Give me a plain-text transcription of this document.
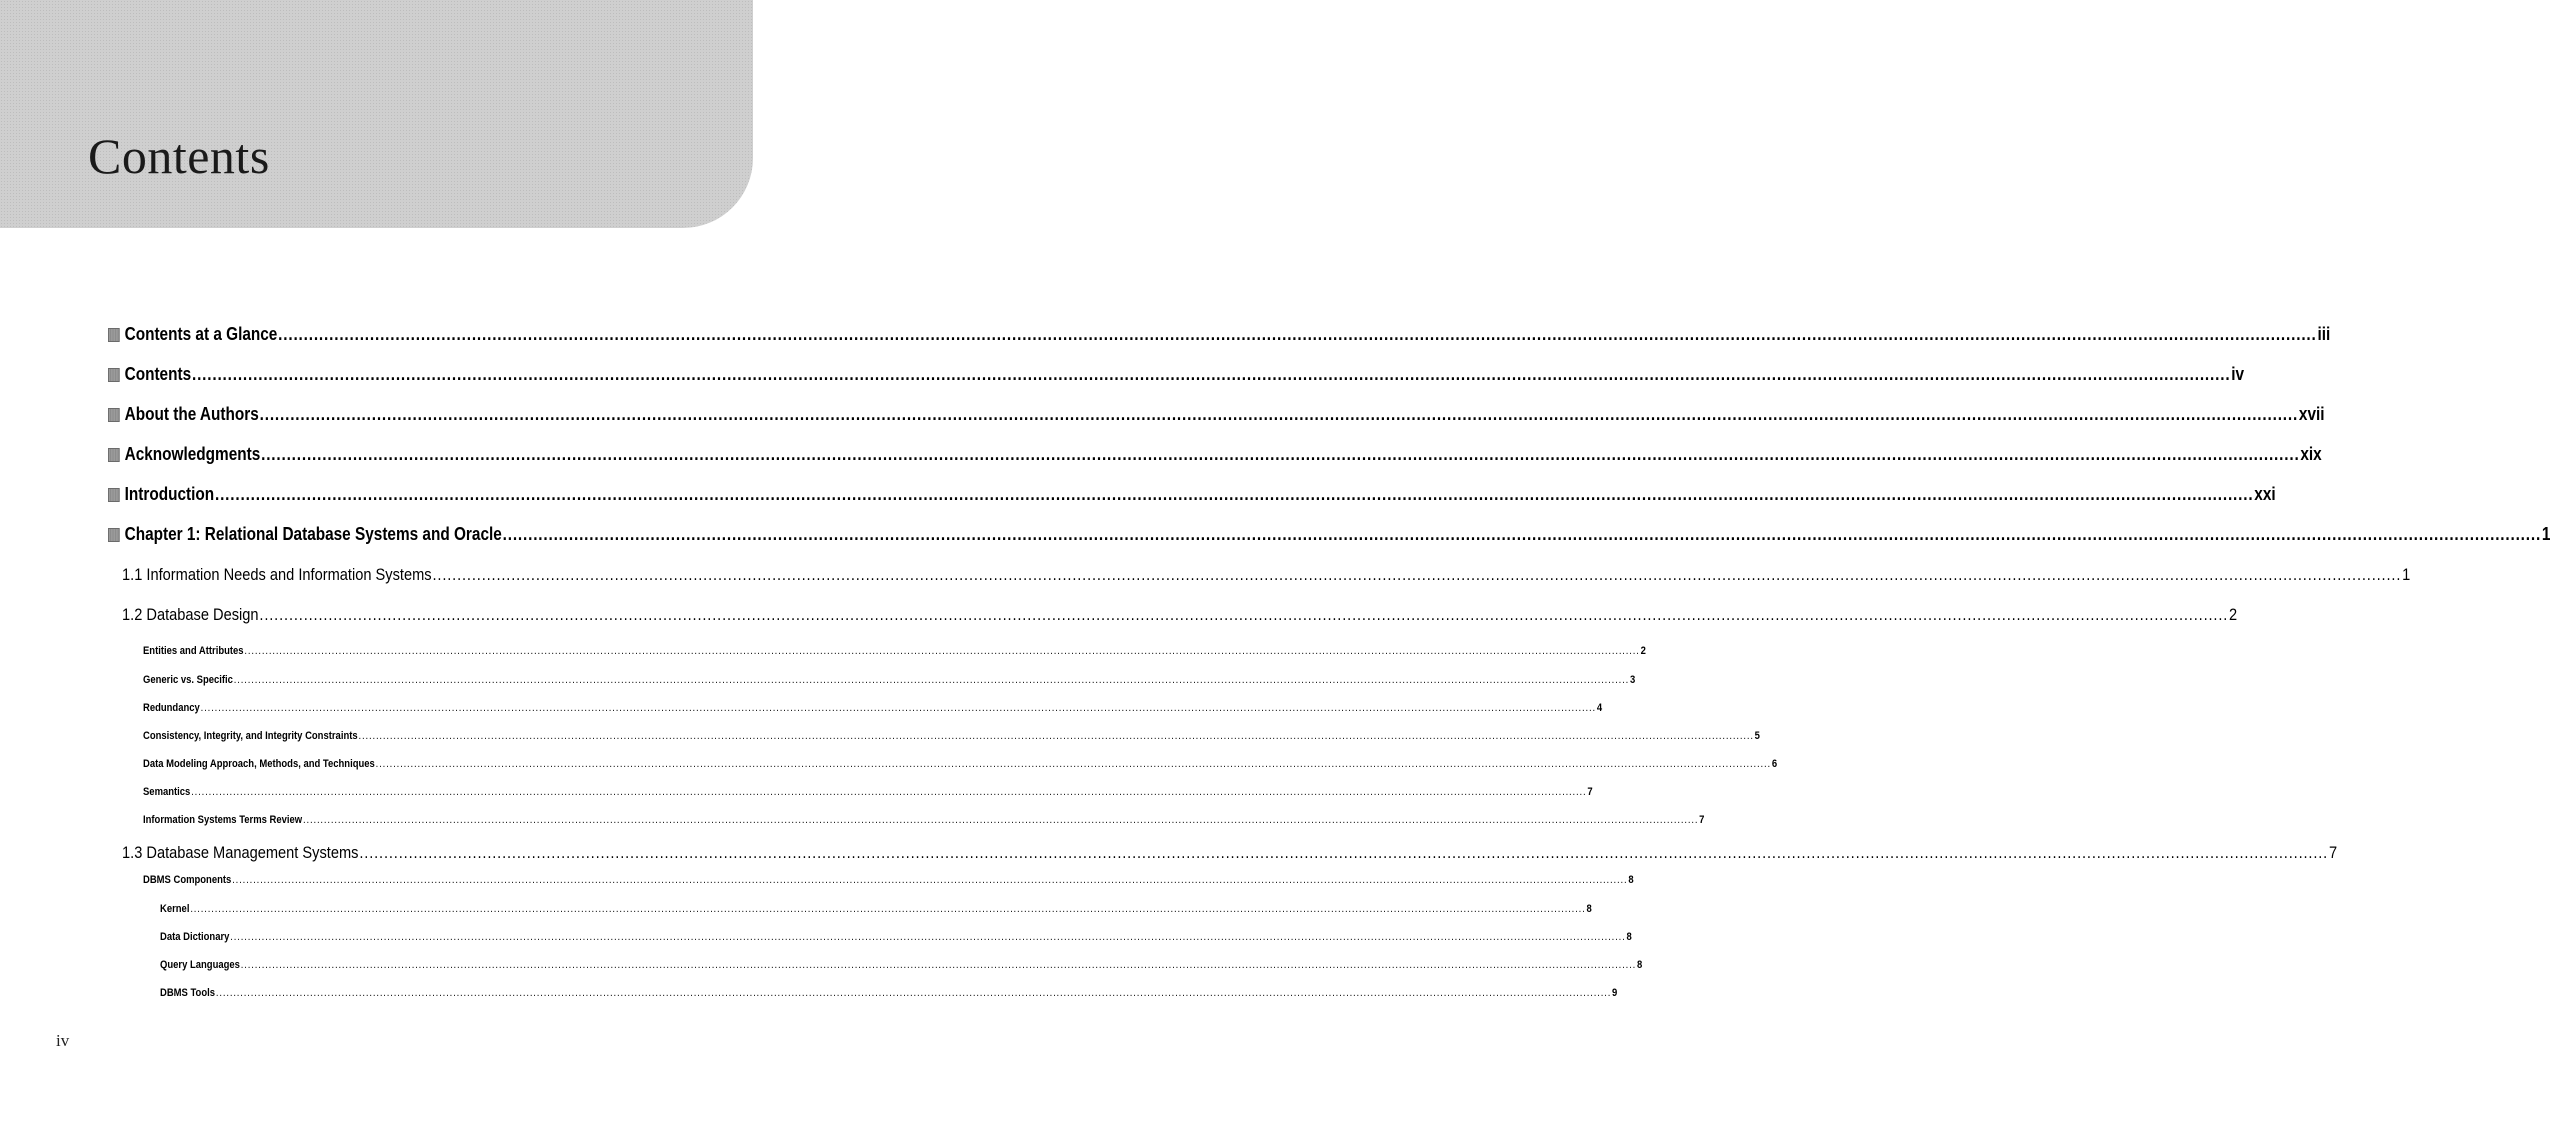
Contents
Contents at a Glance ................................................................................................................................................................................................................................................................................................................................................................................................................ iii
Contents ................................................................................................................................................................................................................................................................................................................................................................................................................ iv
About the Authors ................................................................................................................................................................................................................................................................................................................................................................................................................ xvii
Acknowledgments ................................................................................................................................................................................................................................................................................................................................................................................................................ xix
Introduction ................................................................................................................................................................................................................................................................................................................................................................................................................ xxi
Chapter 1: Relational Database Systems and Oracle ................................................................................................................................................................................................................................................................................................................................................................................................................ 1
1.1 Information Needs and Information Systems ................................................................................................................................................................................................................................................................................................................................................................................................................ 1
1.2 Database Design ................................................................................................................................................................................................................................................................................................................................................................................................................ 2
Entities and Attributes ................................................................................................................................................................................................................................................................................................................................................................................................................ 2
Generic vs. Specific ................................................................................................................................................................................................................................................................................................................................................................................................................ 3
Redundancy ................................................................................................................................................................................................................................................................................................................................................................................................................ 4
Consistency, Integrity, and Integrity Constraints ................................................................................................................................................................................................................................................................................................................................................................................................................ 5
Data Modeling Approach, Methods, and Techniques ................................................................................................................................................................................................................................................................................................................................................................................................................ 6
Semantics ................................................................................................................................................................................................................................................................................................................................................................................................................ 7
Information Systems Terms Review ................................................................................................................................................................................................................................................................................................................................................................................................................ 7
1.3 Database Management Systems ................................................................................................................................................................................................................................................................................................................................................................................................................ 7
DBMS Components ................................................................................................................................................................................................................................................................................................................................................................................................................ 8
Kernel ................................................................................................................................................................................................................................................................................................................................................................................................................ 8
Data Dictionary ................................................................................................................................................................................................................................................................................................................................................................................................................ 8
Query Languages ................................................................................................................................................................................................................................................................................................................................................................................................................ 8
DBMS Tools ................................................................................................................................................................................................................................................................................................................................................................................................................ 9
iv
